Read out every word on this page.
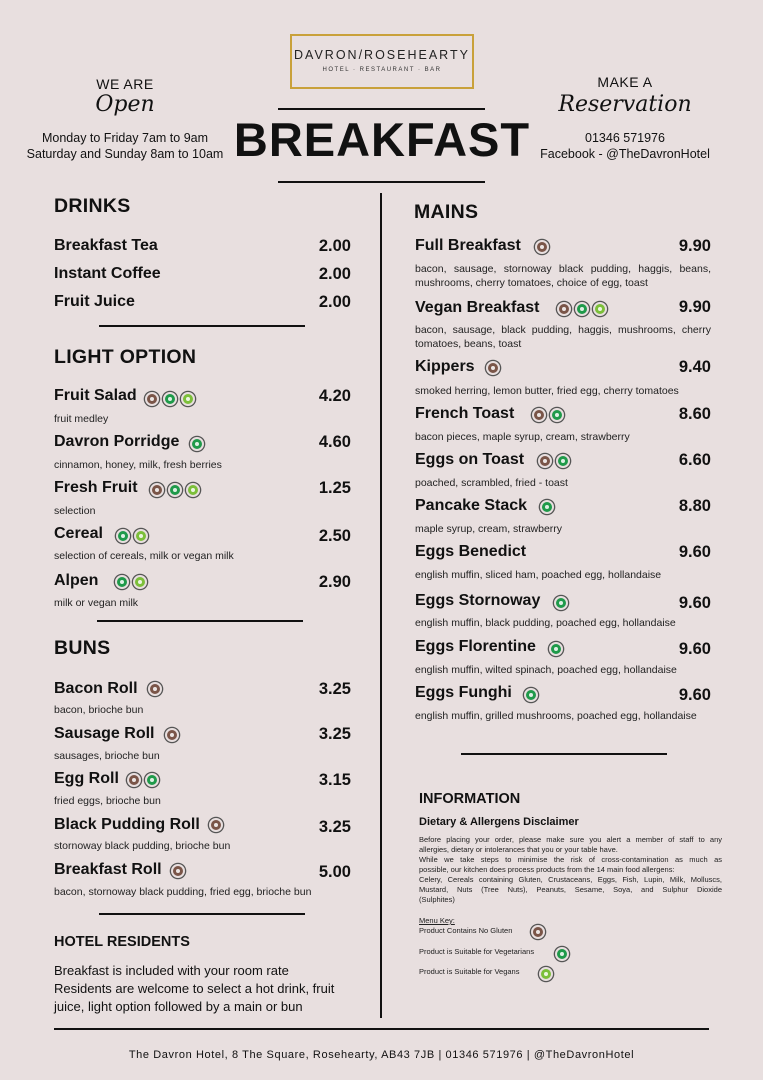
DAVRON/ROSEHEARTY
HOTEL · RESTAURANT · BAR
WE ARE
Open
Monday to Friday 7am to 9am
Saturday and Sunday 8am to 10am
MAKE A
Reservation
01346 571976
Facebook - @TheDavronHotel
BREAKFAST
DRINKS
Breakfast Tea	2.00
Instant Coffee	2.00
Fruit Juice	2.00
LIGHT OPTION
Fruit Salad	4.20
fruit medley
Davron Porridge	4.60
cinnamon, honey, milk, fresh berries
Fresh Fruit	1.25
selection
Cereal	2.50
selection of cereals, milk or vegan milk
Alpen	2.90
milk or vegan milk
BUNS
Bacon Roll	3.25
bacon, brioche bun
Sausage Roll	3.25
sausages, brioche bun
Egg Roll	3.15
fried eggs, brioche bun
Black Pudding Roll	3.25
stornoway black pudding, brioche bun
Breakfast Roll	5.00
bacon, stornoway black pudding, fried egg, brioche bun
HOTEL RESIDENTS
Breakfast is included with your room rate
Residents are welcome to select a hot drink, fruit
juice, light option followed by a main or bun
MAINS
Full Breakfast	9.90
bacon, sausage, stornoway black pudding, haggis, beans,
mushrooms, cherry tomatoes, choice of egg, toast
Vegan Breakfast	9.90
bacon, sausage, black pudding, haggis, mushrooms, cherry
tomatoes, beans, toast
Kippers	9.40
smoked herring, lemon butter, fried egg, cherry tomatoes
French Toast	8.60
bacon pieces, maple syrup, cream, strawberry
Eggs on Toast	6.60
poached, scrambled, fried - toast
Pancake Stack	8.80
maple syrup, cream, strawberry
Eggs Benedict	9.60
english muffin, sliced ham, poached egg, hollandaise
Eggs Stornoway	9.60
english muffin, black pudding, poached egg, hollandaise
Eggs Florentine	9.60
english muffin, wilted spinach, poached egg, hollandaise
Eggs Funghi	9.60
english muffin, grilled mushrooms, poached egg, hollandaise
INFORMATION
Dietary & Allergens Disclaimer
Before placing your order, please make sure you alert a member of staff to any
allergies, dietary or intolerances that you or your table have.
While we take steps to minimise the risk of cross-contamination as much as
possible, our kitchen does process products from the 14 main food allergens:
Celery, Cereals containing Gluten, Crustaceans, Eggs, Fish, Lupin, Milk, Molluscs,
Mustard, Nuts (Tree Nuts), Peanuts, Sesame, Soya, and Sulphur Dioxide
(Sulphites)
Menu Key:
Product Contains No Gluten
Product is Suitable for Vegetarians
Product is Suitable for Vegans
The Davron Hotel, 8 The Square, Rosehearty, AB43 7JB | 01346 571976 | @TheDavronHotel
